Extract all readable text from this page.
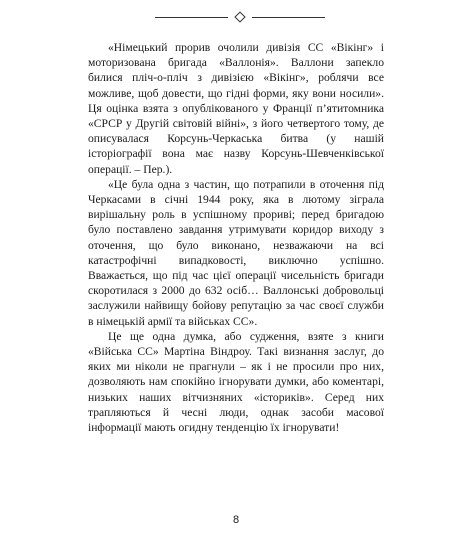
«Німецький прорив очолили дивізія СС «Вікінг» і моторизована бригада «Валлонія». Валлони запекло билися пліч-о-пліч з дивізією «Вікінг», роблячи все можливе, щоб довести, що гідні форми, яку вони носили». Ця оцінка взята з опублікованого у Франції п’ятитомника «СРСР у Другій світовій війні», з його четвертого тому, де описувалася Корсунь-Черкаська битва (у нашій історіографії вона має назву Корсунь-Шевченківської операції. – Пер.).

«Це була одна з частин, що потрапили в оточення під Черкасами в січні 1944 року, яка в лютому зіграла вирішальну роль в успішному прориві; перед бригадою було поставлено завдання утримувати коридор виходу з оточення, що було виконано, незважаючи на всі катастрофічні випадковості, виключно успішно. Вважається, що під час цієї операції чисельність бригади скоротилася з 2000 до 632 осіб… Валлонські добровольці заслужили найвищу бойову репутацію за час своєї служби в німецькій армії та військах СС».

Це ще одна думка, або судження, взяте з книги «Війська СС» Мартіна Віндроу. Такі визнання заслуг, до яких ми ніколи не прагнули – як і не просили про них, дозволяють нам спокійно ігнорувати думки, або коментарі, низьких наших вітчизняних «істориків». Серед них трапляються й чесні люди, однак засоби масової інформації мають огидну тенденцію їх ігнорувати!

8
